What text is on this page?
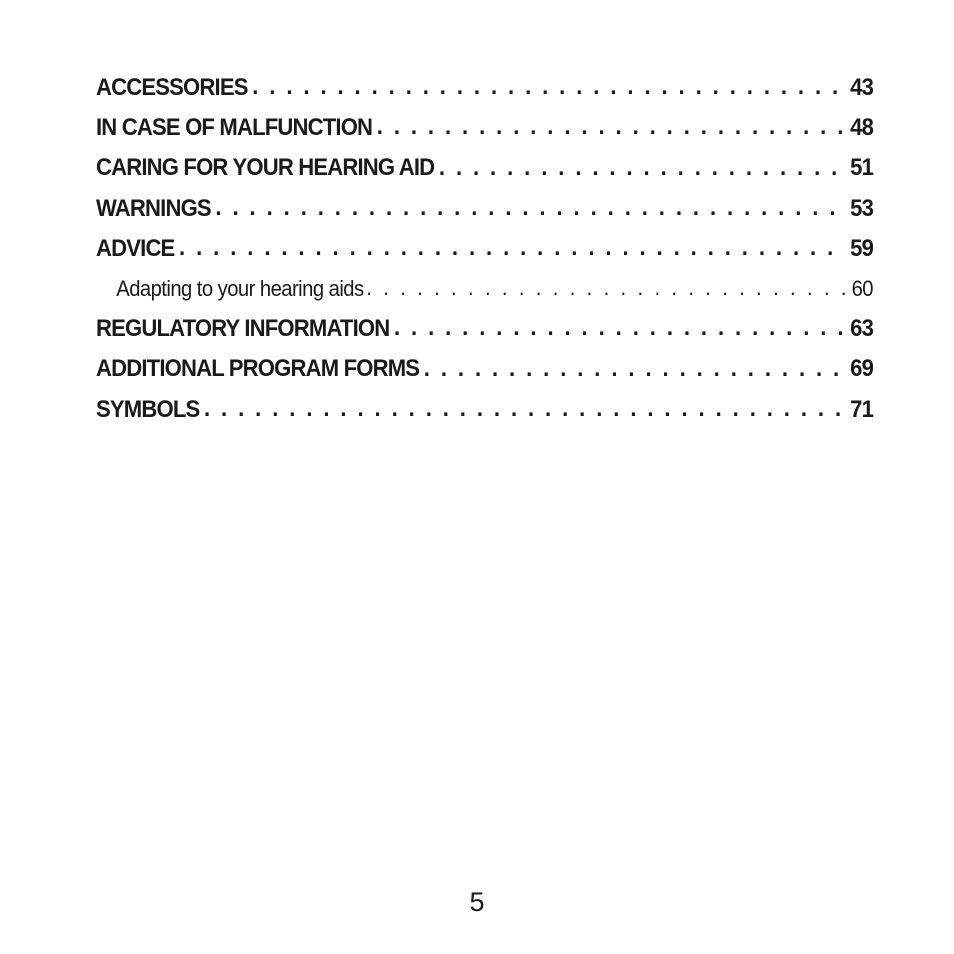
ACCESSORIES . . .	43
IN CASE OF MALFUNCTION . . .	48
CARING FOR YOUR HEARING AID . . .	51
WARNINGS . . .	53
ADVICE . . .	59
Adapting to your hearing aids . . .	60
REGULATORY INFORMATION . . .	63
ADDITIONAL PROGRAM FORMS . . .	69
SYMBOLS . . .	71
5
